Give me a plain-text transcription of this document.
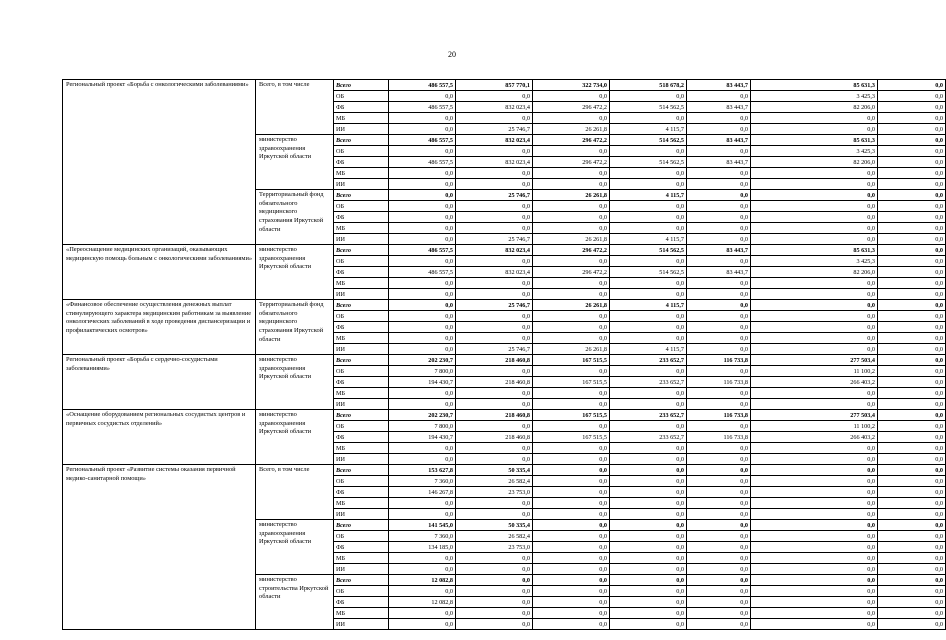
20
Региональный проект «Борьба с онкологическими заболеваниями»	Всего, в том числе	Всего	486 557,5	857 770,1	322 734,0	518 678,2	83 443,7	85 631,3	0,0
		ОБ	0,0	0,0	0,0	0,0	0,0	3 425,3	0,0
		ФБ	486 557,5	832 023,4	296 472,2	514 562,5	83 443,7	82 206,0	0,0
		МБ	0,0	0,0	0,0	0,0	0,0	0,0	0,0
		ИИ	0,0	25 746,7	26 261,8	4 115,7	0,0	0,0	0,0
	министерство здравоохранения Иркутской области	Всего	486 557,5	832 023,4	296 472,2	514 562,5	83 443,7	85 631,3	0,0
		ОБ	0,0	0,0	0,0	0,0	0,0	3 425,3	0,0
		ФБ	486 557,5	832 023,4	296 472,2	514 562,5	83 443,7	82 206,0	0,0
		МБ	0,0	0,0	0,0	0,0	0,0	0,0	0,0
		ИИ	0,0	0,0	0,0	0,0	0,0	0,0	0,0
	Территориальный фонд обязательного медицинского страхования Иркутской области	Всего	0,0	25 746,7	26 261,8	4 115,7	0,0	0,0	0,0
		ОБ	0,0	0,0	0,0	0,0	0,0	0,0	0,0
		ФБ	0,0	0,0	0,0	0,0	0,0	0,0	0,0
		МБ	0,0	0,0	0,0	0,0	0,0	0,0	0,0
		ИИ	0,0	25 746,7	26 261,8	4 115,7	0,0	0,0	0,0
«Переоснащение медицинских организаций, оказывающих медицинскую помощь больным с онкологическими заболеваниями»	министерство здравоохранения Иркутской области	Всего	486 557,5	832 023,4	296 472,2	514 562,5	83 443,7	85 631,3	0,0
		ОБ	0,0	0,0	0,0	0,0	0,0	3 425,3	0,0
		ФБ	486 557,5	832 023,4	296 472,2	514 562,5	83 443,7	82 206,0	0,0
		МБ	0,0	0,0	0,0	0,0	0,0	0,0	0,0
		ИИ	0,0	0,0	0,0	0,0	0,0	0,0	0,0
«Финансовое обеспечение осуществления денежных выплат стимулирующего характера медицинским работникам за выявление онкологических заболеваний в ходе проведения диспансеризации и профилактических осмотров»	Территориальный фонд обязательного медицинского страхования Иркутской области	Всего	0,0	25 746,7	26 261,8	4 115,7	0,0	0,0	0,0
		ОБ	0,0	0,0	0,0	0,0	0,0	0,0	0,0
		ФБ	0,0	0,0	0,0	0,0	0,0	0,0	0,0
		МБ	0,0	0,0	0,0	0,0	0,0	0,0	0,0
		ИИ	0,0	25 746,7	26 261,8	4 115,7	0,0	0,0	0,0
Региональный проект «Борьба с сердечно-сосудистыми заболеваниями»	министерство здравоохранения Иркутской области	Всего	202 230,7	218 460,8	167 515,5	233 652,7	116 733,8	277 503,4	0,0
		ОБ	7 800,0	0,0	0,0	0,0	0,0	11 100,2	0,0
		ФБ	194 430,7	218 460,8	167 515,5	233 652,7	116 733,8	266 403,2	0,0
		МБ	0,0	0,0	0,0	0,0	0,0	0,0	0,0
		ИИ	0,0	0,0	0,0	0,0	0,0	0,0	0,0
«Оснащение оборудованием региональных сосудистых центров и первичных сосудистых отделений»	министерство здравоохранения Иркутской области	Всего	202 230,7	218 460,8	167 515,5	233 652,7	116 733,8	277 503,4	0,0
		ОБ	7 800,0	0,0	0,0	0,0	0,0	11 100,2	0,0
		ФБ	194 430,7	218 460,8	167 515,5	233 652,7	116 733,8	266 403,2	0,0
		МБ	0,0	0,0	0,0	0,0	0,0	0,0	0,0
		ИИ	0,0	0,0	0,0	0,0	0,0	0,0	0,0
Региональный проект «Развитие системы оказания первичной медико-санитарной помощи»	Всего, в том числе	Всего	153 627,8	50 335,4	0,0	0,0	0,0	0,0	0,0
		ОБ	7 360,0	26 582,4	0,0	0,0	0,0	0,0	0,0
		ФБ	146 267,8	23 753,0	0,0	0,0	0,0	0,0	0,0
		МБ	0,0	0,0	0,0	0,0	0,0	0,0	0,0
		ИИ	0,0	0,0	0,0	0,0	0,0	0,0	0,0
	министерство здравоохранения Иркутской области	Всего	141 545,0	50 335,4	0,0	0,0	0,0	0,0	0,0
		ОБ	7 360,0	26 582,4	0,0	0,0	0,0	0,0	0,0
		ФБ	134 185,0	23 753,0	0,0	0,0	0,0	0,0	0,0
		МБ	0,0	0,0	0,0	0,0	0,0	0,0	0,0
		ИИ	0,0	0,0	0,0	0,0	0,0	0,0	0,0
	министерство строительства Иркутской области	Всего	12 082,8	0,0	0,0	0,0	0,0	0,0	0,0
		ОБ	0,0	0,0	0,0	0,0	0,0	0,0	0,0
		ФБ	12 082,8	0,0	0,0	0,0	0,0	0,0	0,0
		МБ	0,0	0,0	0,0	0,0	0,0	0,0	0,0
		ИИ	0,0	0,0	0,0	0,0	0,0	0,0	0,0
